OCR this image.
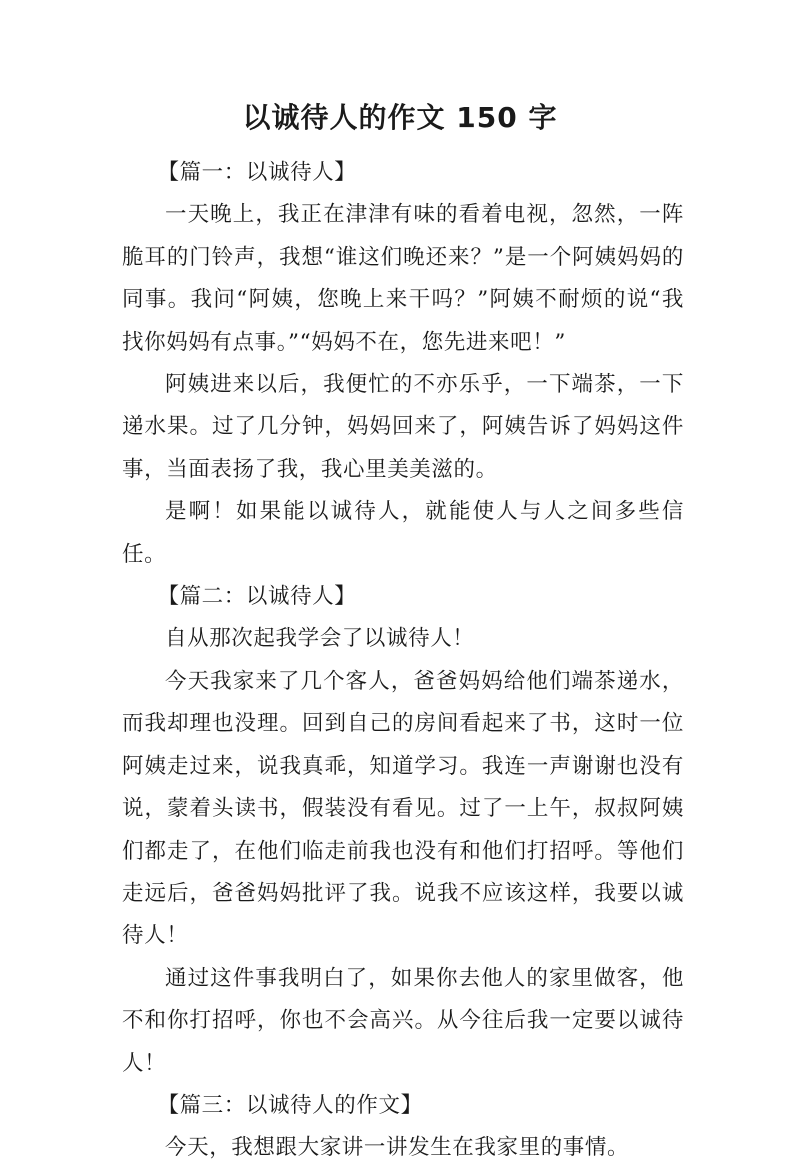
以诚待人的作文 150 字

【篇一：以诚待人】

一天晚上，我正在津津有味的看着电视，忽然，一阵脆耳的门铃声，我想“谁这们晚还来？”是一个阿姨妈妈的同事。我问“阿姨，您晚上来干吗？”阿姨不耐烦的说“我找你妈妈有点事。”“妈妈不在，您先进来吧！”

阿姨进来以后，我便忙的不亦乐乎，一下端茶，一下递水果。过了几分钟，妈妈回来了，阿姨告诉了妈妈这件事，当面表扬了我，我心里美美滋的。

是啊！如果能以诚待人，就能使人与人之间多些信任。

【篇二：以诚待人】

自从那次起我学会了以诚待人！

今天我家来了几个客人，爸爸妈妈给他们端茶递水，而我却理也没理。回到自己的房间看起来了书，这时一位阿姨走过来，说我真乖，知道学习。我连一声谢谢也没有说，蒙着头读书，假装没有看见。过了一上午，叔叔阿姨们都走了，在他们临走前我也没有和他们打招呼。等他们走远后，爸爸妈妈批评了我。说我不应该这样，我要以诚待人！

通过这件事我明白了，如果你去他人的家里做客，他不和你打招呼，你也不会高兴。从今往后我一定要以诚待人！

【篇三：以诚待人的作文】

今天，我想跟大家讲一讲发生在我家里的事情。
